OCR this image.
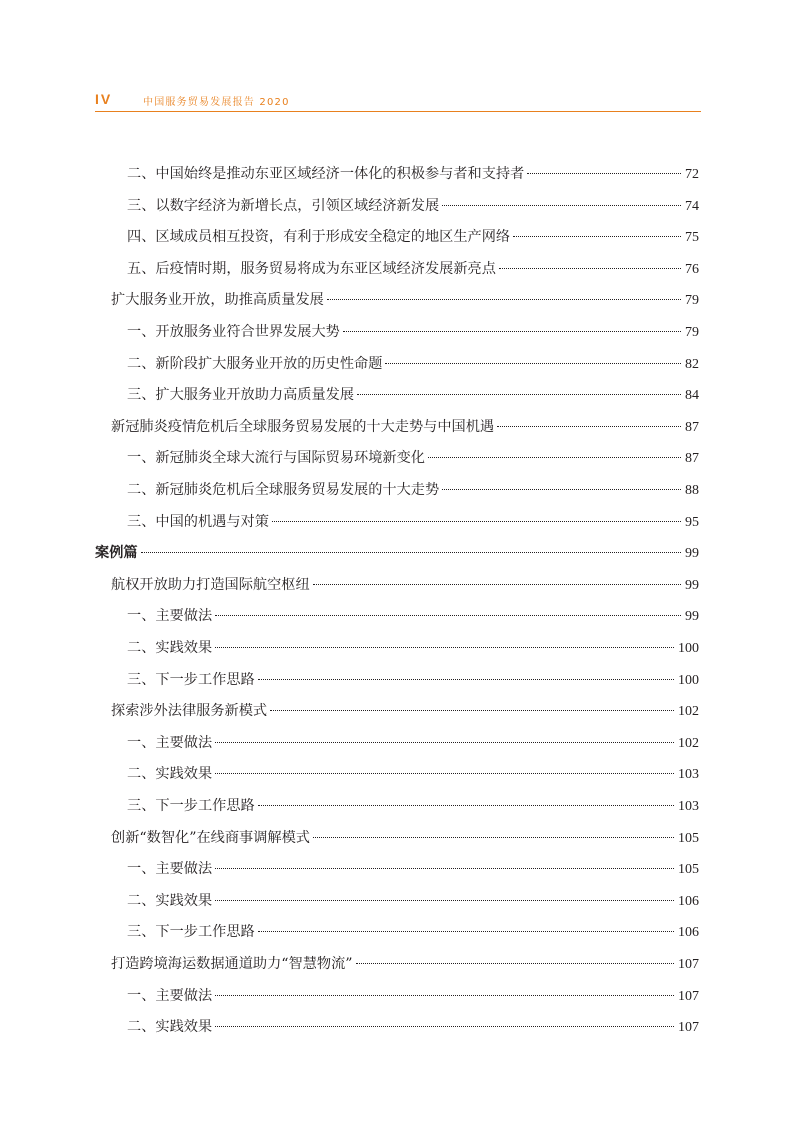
IV	中国服务贸易发展报告 2020
二、中国始终是推动东亚区域经济一体化的积极参与者和支持者	72
三、以数字经济为新增长点，引领区域经济新发展	74
四、区域成员相互投资，有利于形成安全稳定的地区生产网络	75
五、后疫情时期，服务贸易将成为东亚区域经济发展新亮点	76
扩大服务业开放，助推高质量发展	79
一、开放服务业符合世界发展大势	79
二、新阶段扩大服务业开放的历史性命题	82
三、扩大服务业开放助力高质量发展	84
新冠肺炎疫情危机后全球服务贸易发展的十大走势与中国机遇	87
一、新冠肺炎全球大流行与国际贸易环境新变化	87
二、新冠肺炎危机后全球服务贸易发展的十大走势	88
三、中国的机遇与对策	95
案例篇	99
航权开放助力打造国际航空枢纽	99
一、主要做法	99
二、实践效果	100
三、下一步工作思路	100
探索涉外法律服务新模式	102
一、主要做法	102
二、实践效果	103
三、下一步工作思路	103
创新“数智化”在线商事调解模式	105
一、主要做法	105
二、实践效果	106
三、下一步工作思路	106
打造跨境海运数据通道助力“智慧物流”	107
一、主要做法	107
二、实践效果	107
